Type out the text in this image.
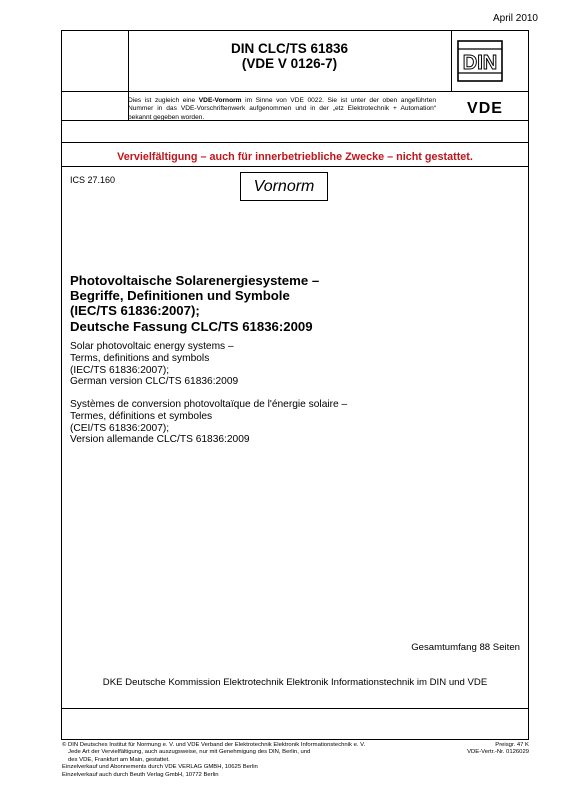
April 2010
DIN CLC/TS 61836
(VDE V 0126-7)	DIN
VDE
Dies ist zugleich eine VDE-Vornorm im Sinne von VDE 0022. Sie ist unter der oben angeführten Nummer in das VDE-Vorschriftenwerk aufgenommen und in der „etz Elektrotechnik + Automation“ bekannt gegeben worden.
Vervielfältigung – auch für innerbetriebliche Zwecke – nicht gestattet.
ICS 27.160	Vornorm
Photovoltaische Solarenergiesysteme –
Begriffe, Definitionen und Symbole
(IEC/TS 61836:2007);
Deutsche Fassung CLC/TS 61836:2009
Solar photovoltaic energy systems –
Terms, definitions and symbols
(IEC/TS 61836:2007);
German version CLC/TS 61836:2009
Systèmes de conversion photovoltaïque de l'énergie solaire –
Termes, définitions et symboles
(CEI/TS 61836:2007);
Version allemande CLC/TS 61836:2009
Gesamtumfang 88 Seiten
DKE Deutsche Kommission Elektrotechnik Elektronik Informationstechnik im DIN und VDE
© DIN Deutsches Institut für Normung e. V. und VDE Verband der Elektrotechnik Elektronik Informationstechnik e. V.
Jede Art der Vervielfältigung, auch auszugsweise, nur mit Genehmigung des DIN, Berlin, und
des VDE, Frankfurt am Main, gestattet.
Einzelverkauf und Abonnements durch VDE VERLAG GMBH, 10625 Berlin
Einzelverkauf auch durch Beuth Verlag GmbH, 10772 Berlin
Preisgr. 47 K
VDE-Vertr.-Nr. 0126029
